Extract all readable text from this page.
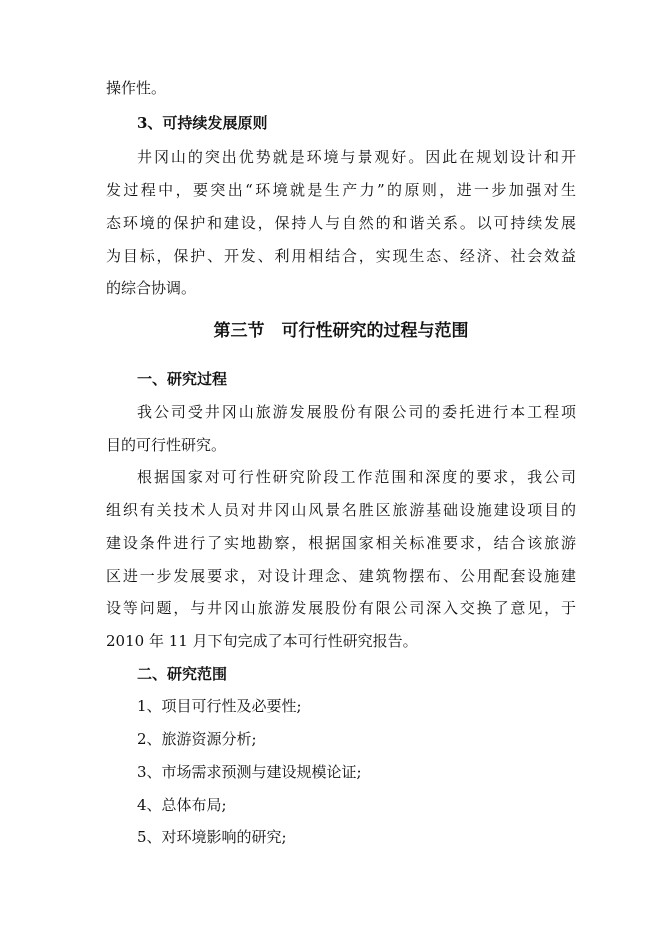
操作性。
3、可持续发展原则
井冈山的突出优势就是环境与景观好。因此在规划设计和开
发过程中，要突出“环境就是生产力”的原则，进一步加强对生
态环境的保护和建设，保持人与自然的和谐关系。以可持续发展
为目标，保护、开发、利用相结合，实现生态、经济、社会效益
的综合协调。
第三节　可行性研究的过程与范围
一、研究过程
我公司受井冈山旅游发展股份有限公司的委托进行本工程项
目的可行性研究。
根据国家对可行性研究阶段工作范围和深度的要求，我公司
组织有关技术人员对井冈山风景名胜区旅游基础设施建设项目的
建设条件进行了实地勘察，根据国家相关标准要求，结合该旅游
区进一步发展要求，对设计理念、建筑物摆布、公用配套设施建
设等问题，与井冈山旅游发展股份有限公司深入交换了意见，于
2010 年 11 月下旬完成了本可行性研究报告。
二、研究范围
1、项目可行性及必要性;
2、旅游资源分析;
3、市场需求预测与建设规模论证;
4、总体布局;
5、对环境影响的研究;
